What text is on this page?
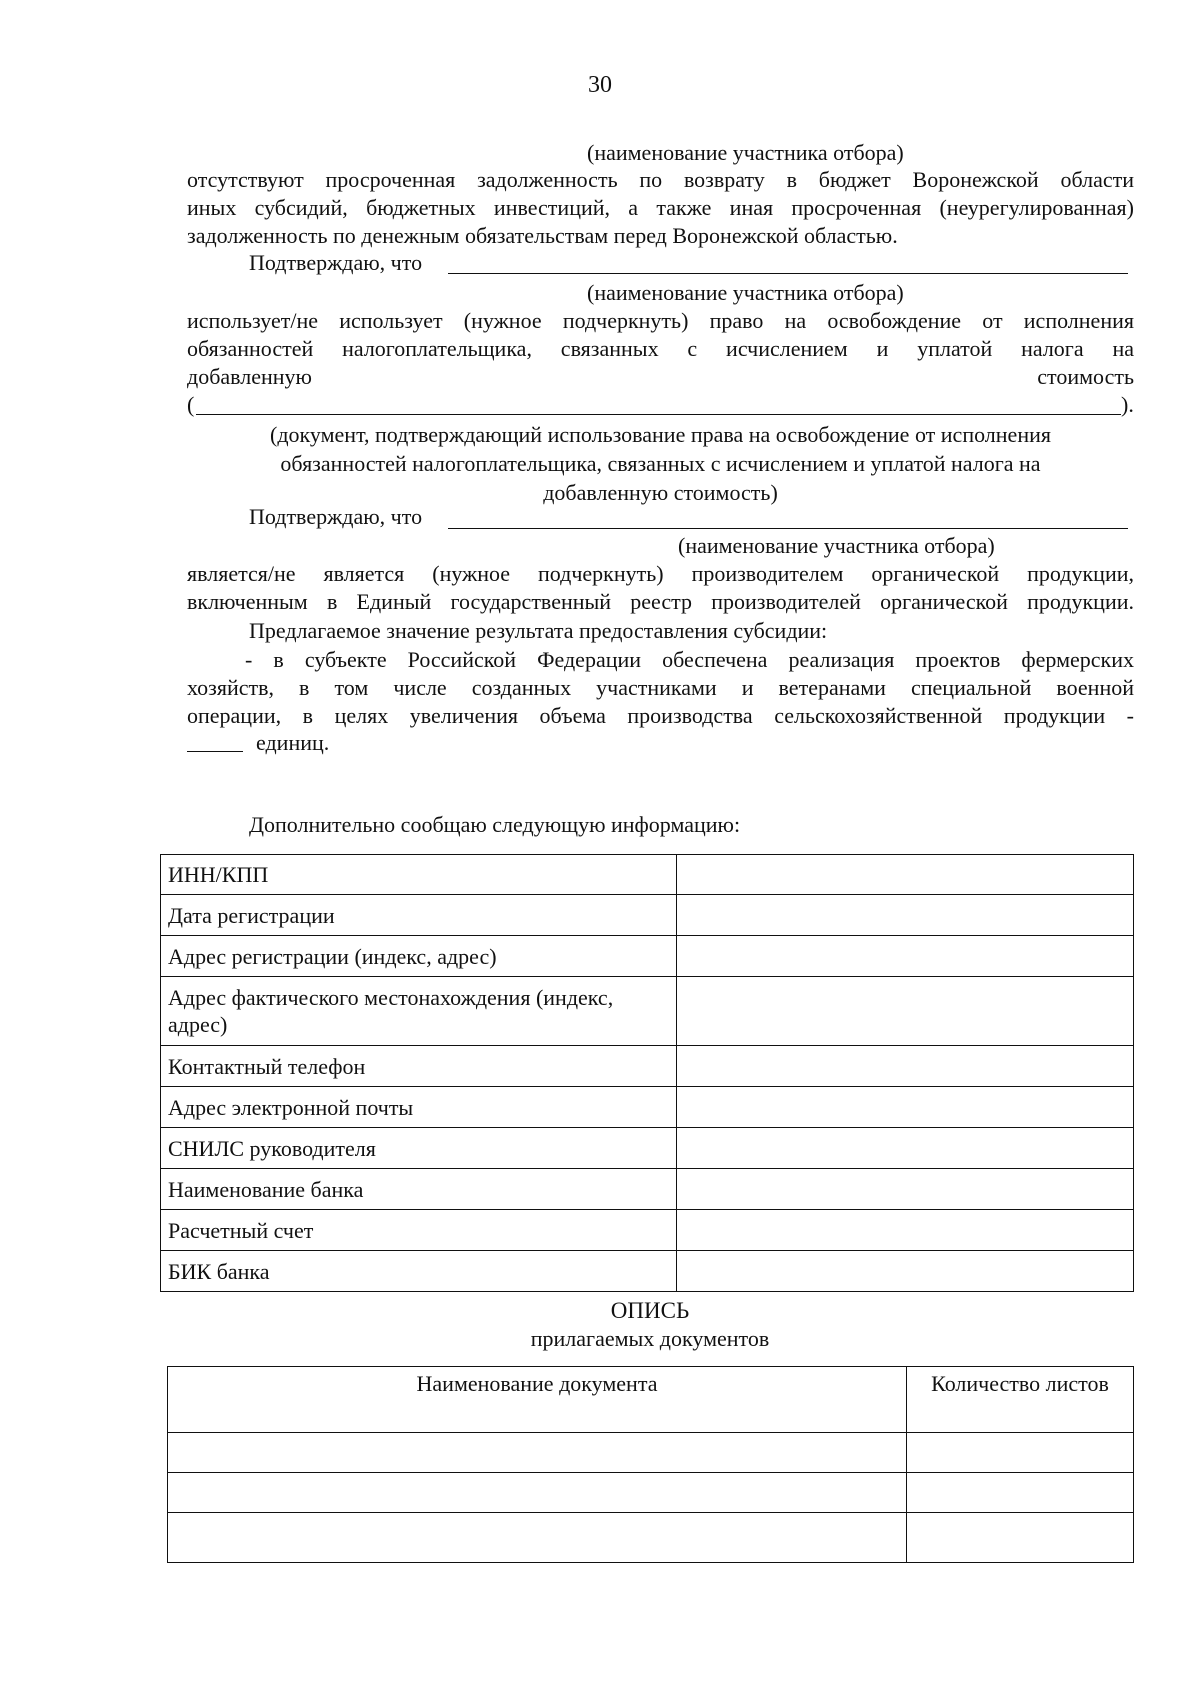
30
(наименование участника отбора)
отсутствуют просроченная задолженность по возврату в бюджет Воронежской области
иных субсидий, бюджетных инвестиций, а также иная просроченная (неурегулированная)
задолженность по денежным обязательствам перед Воронежской областью.
Подтверждаю, что
(наименование участника отбора)
использует/не использует (нужное подчеркнуть) право на освобождение от исполнения
обязанностей налогоплательщика, связанных с исчислением и уплатой налога на
добавленную	стоимость
(	).
(документ, подтверждающий использование права на освобождение от исполнения
обязанностей налогоплательщика, связанных с исчислением и уплатой налога на
добавленную стоимость)
Подтверждаю, что
(наименование участника отбора)
является/не является (нужное подчеркнуть) производителем органической продукции,
включенным в Единый государственный реестр производителей органической продукции.
Предлагаемое значение результата предоставления субсидии:
- в субъекте Российской Федерации обеспечена реализация проектов фермерских
хозяйств, в том числе созданных участниками и ветеранами специальной военной
операции, в целях увеличения объема производства сельскохозяйственной продукции -
единиц.
Дополнительно сообщаю следующую информацию:
ИНН/КПП	
Дата регистрации	
Адрес регистрации (индекс, адрес)	
Адрес фактического местонахождения (индекс, адрес)	
Контактный телефон	
Адрес электронной почты	
СНИЛС руководителя	
Наименование банка	
Расчетный счет	
БИК банка	
ОПИСЬ
прилагаемых документов
Наименование документа	Количество листов
